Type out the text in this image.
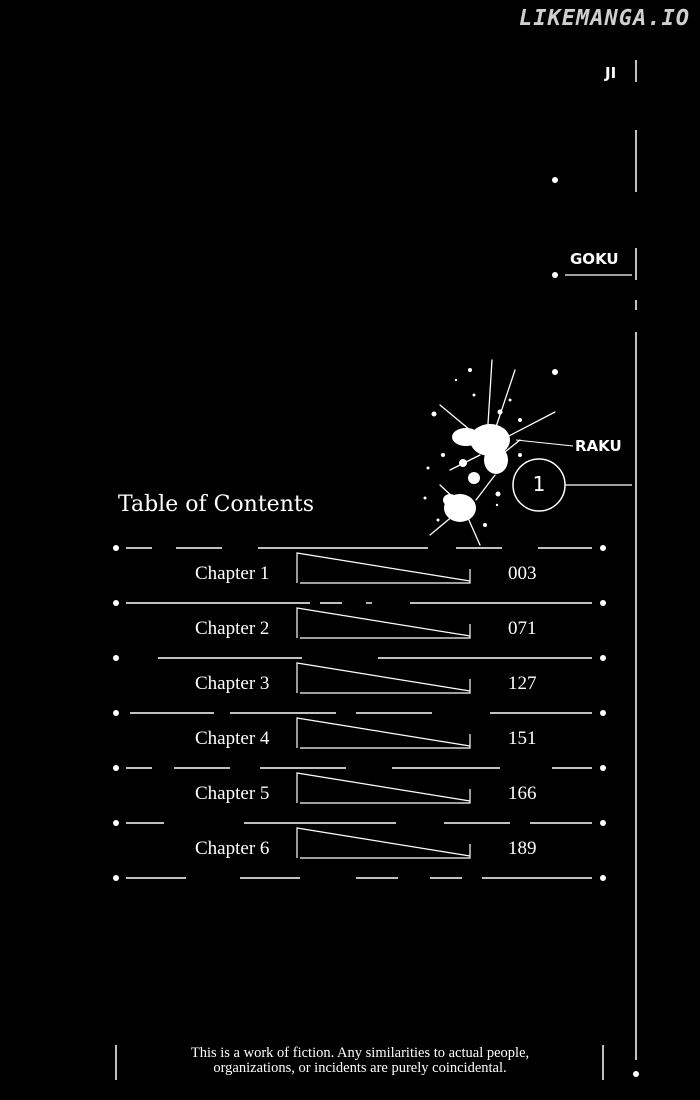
LIKEMANGA.IO
JI
GOKU
RAKU
1
Table of Contents
Chapter 1	003
Chapter 2	071
Chapter 3	127
Chapter 4	151
Chapter 5	166
Chapter 6	189
This is a work of fiction. Any similarities to actual people,
organizations, or incidents are purely coincidental.
